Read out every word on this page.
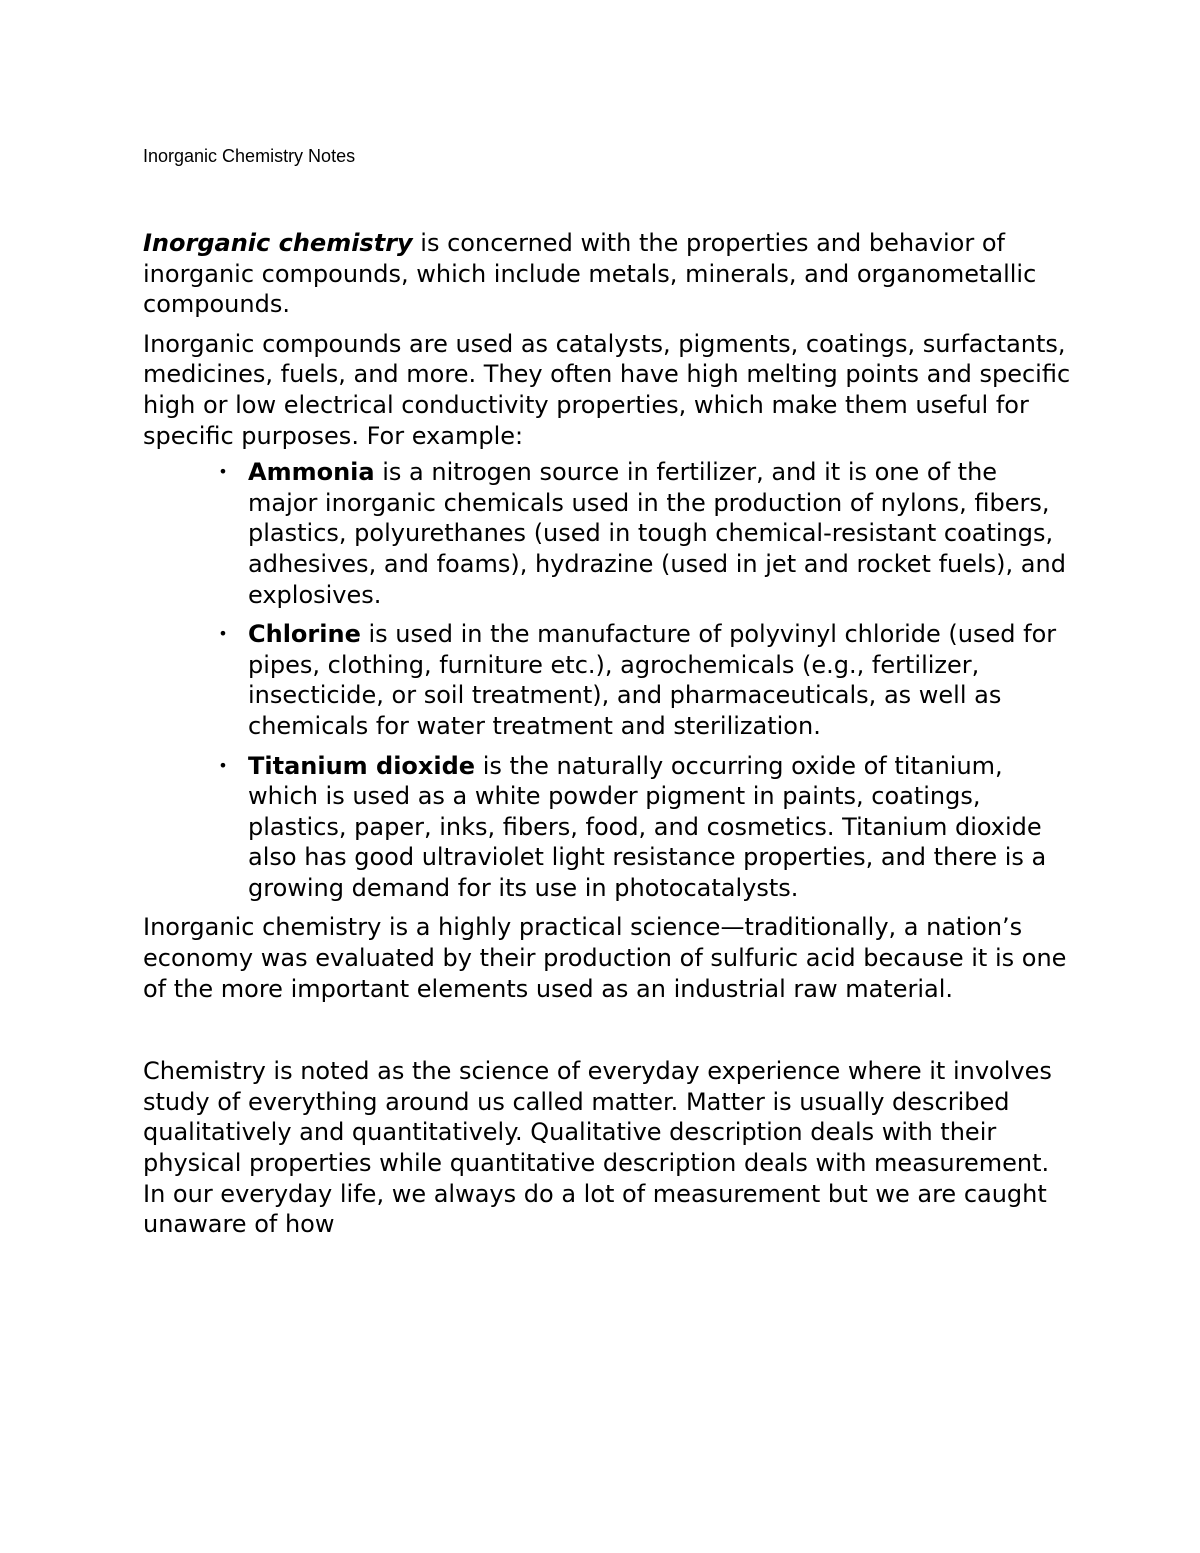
Inorganic Chemistry Notes

Inorganic chemistry is concerned with the properties and behavior of inorganic compounds, which include metals, minerals, and organometallic compounds.

Inorganic compounds are used as catalysts, pigments, coatings, surfactants, medicines, fuels, and more. They often have high melting points and specific high or low electrical conductivity properties, which make them useful for specific purposes. For example:

• Ammonia is a nitrogen source in fertilizer, and it is one of the major inorganic chemicals used in the production of nylons, fibers, plastics, polyurethanes (used in tough chemical-resistant coatings, adhesives, and foams), hydrazine (used in jet and rocket fuels), and explosives.
• Chlorine is used in the manufacture of polyvinyl chloride (used for pipes, clothing, furniture etc.), agrochemicals (e.g., fertilizer, insecticide, or soil treatment), and pharmaceuticals, as well as chemicals for water treatment and sterilization.
• Titanium dioxide is the naturally occurring oxide of titanium, which is used as a white powder pigment in paints, coatings, plastics, paper, inks, fibers, food, and cosmetics. Titanium dioxide also has good ultraviolet light resistance properties, and there is a growing demand for its use in photocatalysts.

Inorganic chemistry is a highly practical science—traditionally, a nation’s economy was evaluated by their production of sulfuric acid because it is one of the more important elements used as an industrial raw material.

Chemistry is noted as the science of everyday experience where it involves study of everything around us called matter. Matter is usually described qualitatively and quantitatively. Qualitative description deals with their physical properties while quantitative description deals with measurement. In our everyday life, we always do a lot of measurement but we are caught unaware of how
